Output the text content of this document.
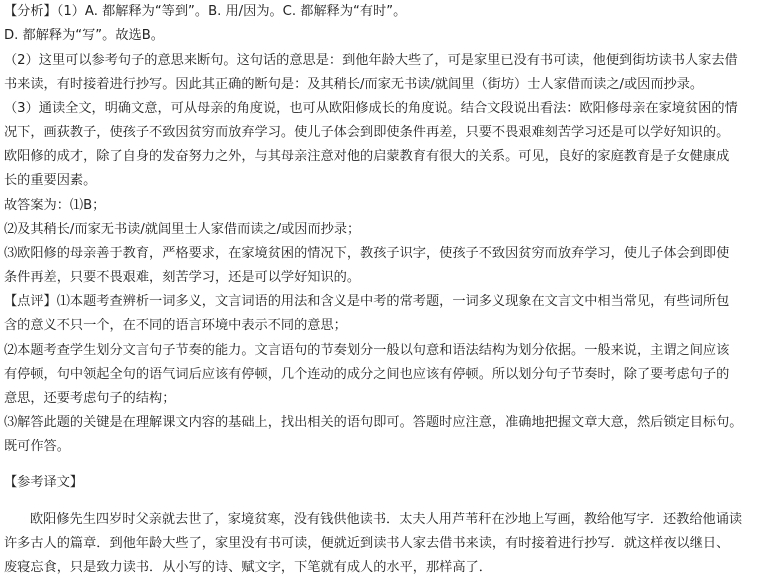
【分析】（1）A. 都解释为“等到”。B. 用/因为。C. 都解释为“有时”。
D. 都解释为“写”。故选B。
（2）这里可以参考句子的意思来断句。这句话的意思是：到他年龄大些了，可是家里已没有书可读，他便到街坊读书人家去借
书来读，有时接着进行抄写。因此其正确的断句是：及其稍长/而家无书读/就闾里（街坊）士人家借而读之/或因而抄录。
（3）通读全文，明确文意，可从母亲的角度说，也可从欧阳修成长的角度说。结合文段说出看法：欧阳修母亲在家境贫困的情
况下，画荻教子，使孩子不致因贫穷而放弃学习。使儿子体会到即使条件再差，只要不畏艰难刻苦学习还是可以学好知识的。
欧阳修的成才，除了自身的发奋努力之外，与其母亲注意对他的启蒙教育有很大的关系。可见，良好的家庭教育是子女健康成
长的重要因素。
故答案为：⑴B；
⑵及其稍长/而家无书读/就闾里士人家借而读之/或因而抄录；
⑶欧阳修的母亲善于教育，严格要求，在家境贫困的情况下，教孩子识字，使孩子不致因贫穷而放弃学习，使儿子体会到即使
条件再差，只要不畏艰难，刻苦学习，还是可以学好知识的。
【点评】⑴本题考查辨析一词多义，文言词语的用法和含义是中考的常考题，一词多义现象在文言文中相当常见，有些词所包
含的意义不只一个，在不同的语言环境中表示不同的意思；
⑵本题考查学生划分文言句子节奏的能力。文言语句的节奏划分一般以句意和语法结构为划分依据。一般来说，主谓之间应该
有停顿，句中领起全句的语气词后应该有停顿，几个连动的成分之间也应该有停顿。所以划分句子节奏时，除了要考虑句子的
意思，还要考虑句子的结构；
⑶解答此题的关键是在理解课文内容的基础上，找出相关的语句即可。答题时应注意，准确地把握文章大意，然后锁定目标句。
既可作答。
【参考译文】
欧阳修先生四岁时父亲就去世了，家境贫寒，没有钱供他读书．太夫人用芦苇秆在沙地上写画，教给他写字．还教给他诵读
许多古人的篇章．到他年龄大些了，家里没有书可读，便就近到读书人家去借书来读，有时接着进行抄写．就这样夜以继日、
废寝忘食，只是致力读书．从小写的诗、赋文字，下笔就有成人的水平，那样高了．
